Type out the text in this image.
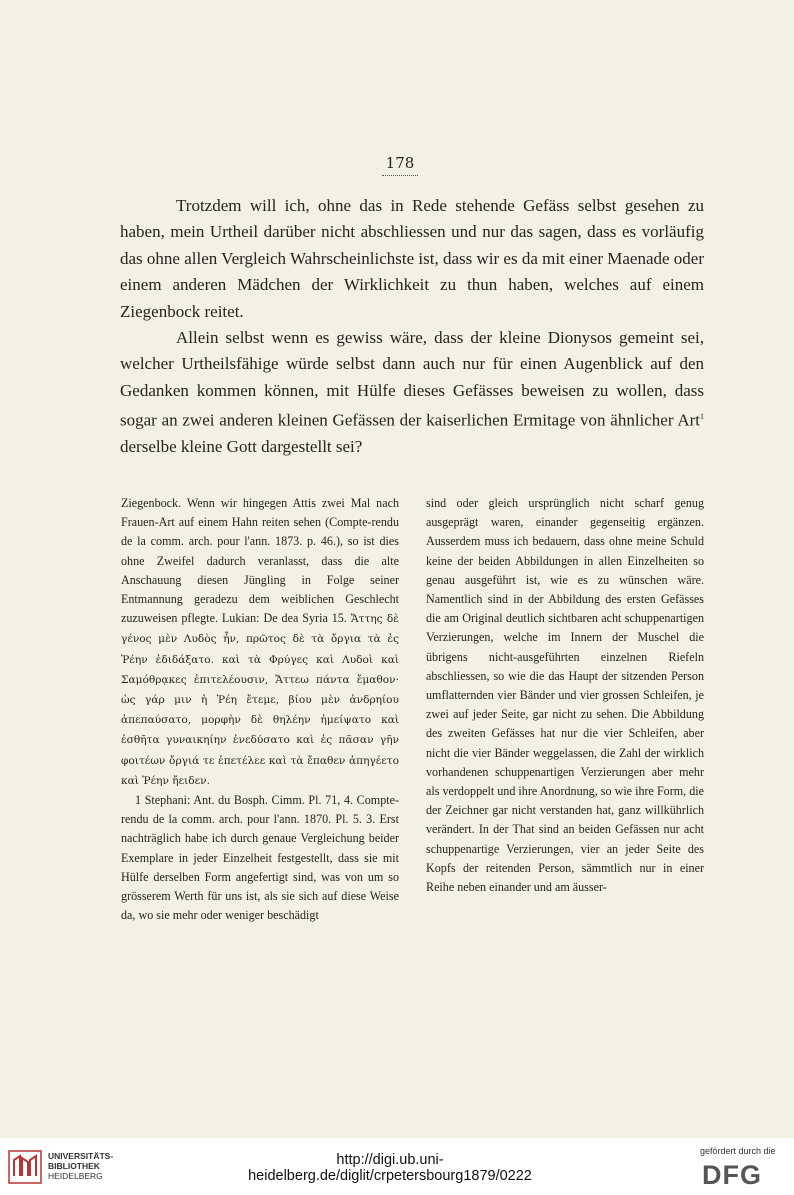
178

Trotzdem will ich, ohne das in Rede stehende Gefäss selbst gesehen zu haben, mein Urtheil darüber nicht abschliessen und nur das sagen, dass es vorläufig das ohne allen Vergleich Wahrscheinlichste ist, dass wir es da mit einer Maenade oder einem anderen Mädchen der Wirklichkeit zu thun haben, welches auf einem Ziegenbock reitet.

Allein selbst wenn es gewiss wäre, dass der kleine Dionysos gemeint sei, welcher Urtheilsfähige würde selbst dann auch nur für einen Augenblick auf den Gedanken kommen können, mit Hülfe dieses Gefässes beweisen zu wollen, dass sogar an zwei anderen kleinen Gefässen der kaiserlichen Ermitage von ähnlicher Art$^1$ derselbe kleine Gott dargestellt sei?

Ziegenbock. Wenn wir hingegen Attis zwei Mal nach Frauen-Art auf einem Hahn reiten sehen (Compte-rendu de la comm. arch. pour l'ann. 1873. p. 46.), so ist dies ohne Zweifel dadurch veranlasst, dass die alte Anschauung diesen Jüngling in Folge seiner Entmannung geradezu dem weiblichen Geschlecht zuzuweisen pflegte. Lukian: De dea Syria 15. Ἄττης δὲ γένος μὲν Λυδὸς ἦν, πρῶτος δὲ τὰ ὄργια τὰ ἐς Ῥέην ἐδιδάξατο. καὶ τὰ Φρύγες καὶ Λυδοὶ καὶ Σαμόθρᾳκες ἐπιτελέουσιν, Ἄττεω πάντα ἔμαθον· ὡς γάρ μιν ἡ Ῥέη ἔτεμε, βίου μὲν ἀνδρηίου ἀπεπαύσατο, μορφὴν δὲ θηλέην ἠμείψατο καὶ ἐσθῆτα γυναικηίην ἐνεδύσατο καὶ ἐς πᾶσαν γῆν φοιτέων ὄργιά τε ἐπετέλεε καὶ τὰ ἔπαθεν ἀπηγέετο καὶ Ῥέην ἤειδεν.

1 Stephani: Ant. du Bosph. Cimm. Pl. 71, 4. Compte-rendu de la comm. arch. pour l'ann. 1870. Pl. 5. 3. Erst nachträglich habe ich durch genaue Vergleichung beider Exemplare in jeder Einzelheit festgestellt, dass sie mit Hülfe derselben Form angefertigt sind, was von um so grösserem Werth für uns ist, als sie sich auf diese Weise da, wo sie mehr oder weniger beschädigt

sind oder gleich ursprünglich nicht scharf genug ausgeprägt waren, einander gegenseitig ergänzen. Ausserdem muss ich bedauern, dass ohne meine Schuld keine der beiden Abbildungen in allen Einzelheiten so genau ausgeführt ist, wie es zu wünschen wäre. Namentlich sind in der Abbildung des ersten Gefässes die am Original deutlich sichtbaren acht schuppenartigen Verzierungen, welche im Innern der Muschel die übrigens nicht-ausgeführten einzelnen Riefeln abschliessen, so wie die das Haupt der sitzenden Person umflatternden vier Bänder und vier grossen Schleifen, je zwei auf jeder Seite, gar nicht zu sehen. Die Abbildung des zweiten Gefässes hat nur die vier Schleifen, aber nicht die vier Bänder weggelassen, die Zahl der wirklich vorhandenen schuppenartigen Verzierungen aber mehr als verdoppelt und ihre Anordnung, so wie ihre Form, die der Zeichner gar nicht verstanden hat, ganz willkührlich verändert. In der That sind an beiden Gefässen nur acht schuppenartige Verzierungen, vier an jeder Seite des Kopfs der reitenden Person, sämmtlich nur in einer Reihe neben einander und am äusser-

UNIVERSITÄTS-
BIBLIOTHEK
HEIDELBERG
http://digi.ub.uni-heidelberg.de/diglit/crpetersbourg1879/0222
gefördert durch die
DFG
